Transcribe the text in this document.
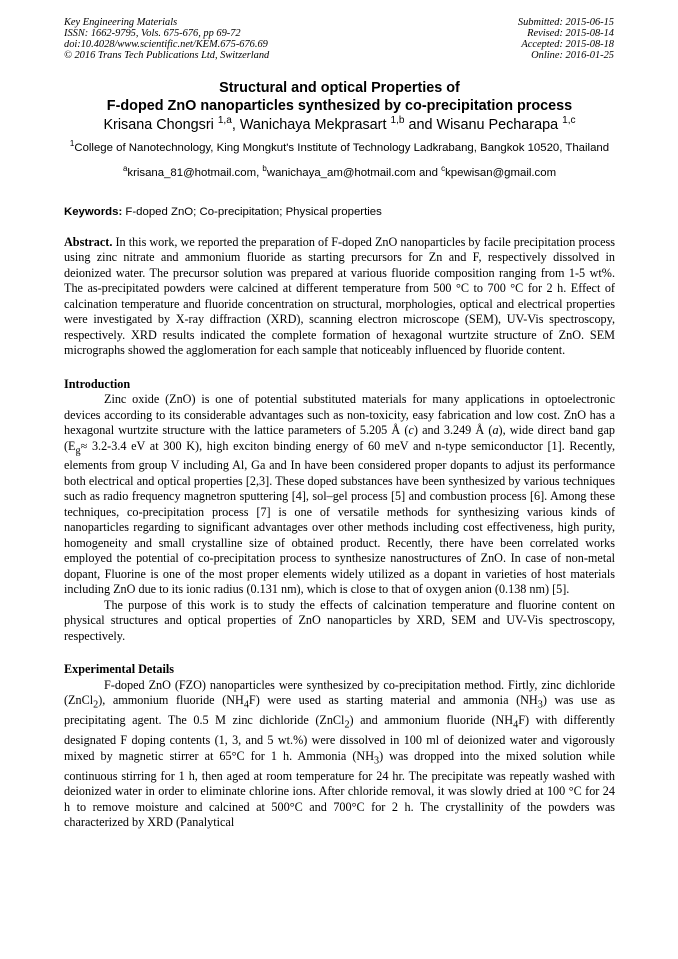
Key Engineering Materials
ISSN: 1662-9795, Vols. 675-676, pp 69-72
doi:10.4028/www.scientific.net/KEM.675-676.69
© 2016 Trans Tech Publications Ltd, Switzerland
Submitted: 2015-06-15
Revised: 2015-08-14
Accepted: 2015-08-18
Online: 2016-01-25
Structural and optical Properties of
F-doped ZnO nanoparticles synthesized by co-precipitation process
Krisana Chongsri $^{1,a}$, Wanichaya Mekprasart $^{1,b}$ and Wisanu Pecharapa $^{1,c}$
$^1$College of Nanotechnology, King Mongkut's Institute of Technology Ladkrabang, Bangkok 10520, Thailand
$^a$krisana_81@hotmail.com, $^b$wanichaya_am@hotmail.com and $^c$kpewisan@gmail.com
Keywords: F-doped ZnO; Co-precipitation; Physical properties
Abstract. In this work, we reported the preparation of F-doped ZnO nanoparticles by facile precipitation process using zinc nitrate and ammonium fluoride as starting precursors for Zn and F, respectively dissolved in deionized water. The precursor solution was prepared at various fluoride composition ranging from 1-5 wt%. The as-precipitated powders were calcined at different temperature from 500 °C to 700 °C for 2 h. Effect of calcination temperature and fluoride concentration on structural, morphologies, optical and electrical properties were investigated by X-ray diffraction (XRD), scanning electron microscope (SEM), UV-Vis spectroscopy, respectively. XRD results indicated the complete formation of hexagonal wurtzite structure of ZnO. SEM micrographs showed the agglomeration for each sample that noticeably influenced by fluoride content.
Introduction

Zinc oxide (ZnO) is one of potential substituted materials for many applications in optoelectronic devices according to its considerable advantages such as non-toxicity, easy fabrication and low cost. ZnO has a hexagonal wurtzite structure with the lattice parameters of 5.205 Å (c) and 3.249 Å (a), wide direct band gap ($E_g\approx 3.2-3.4$ eV at 300 K), high exciton binding energy of 60 meV and n-type semiconductor [1]. Recently, elements from group V including Al, Ga and In have been considered proper dopants to adjust its performance both electrical and optical properties [2,3]. These doped substances have been synthesized by various techniques such as radio frequency magnetron sputtering [4], sol–gel process [5] and combustion process [6]. Among these techniques, co-precipitation process [7] is one of versatile methods for synthesizing various kinds of nanoparticles regarding to significant advantages over other methods including cost effectiveness, high purity, homogeneity and small crystalline size of obtained product. Recently, there have been correlated works employed the potential of co-precipitation process to synthesize nanostructures of ZnO. In case of non-metal dopant, Fluorine is one of the most proper elements widely utilized as a dopant in varieties of host materials including ZnO due to its ionic radius (0.131 nm), which is close to that of oxygen anion (0.138 nm) [5].

The purpose of this work is to study the effects of calcination temperature and fluorine content on physical structures and optical properties of ZnO nanoparticles by XRD, SEM and UV-Vis spectroscopy, respectively.

Experimental Details

F-doped ZnO (FZO) nanoparticles were synthesized by co-precipitation method. Firtly, zinc dichloride (ZnCl$_2$), ammonium fluoride $(NH_4F)$ were used as starting material and ammonia $(NH_3)$ was use as precipitating agent. The 0.5 M zinc dichloride (ZnCl$_2$) and ammonium fluoride $(NH_4F)$ with differently designated F doping contents (1, 3, and 5 wt.%) were dissolved in 100 ml of deionized water and vigorously mixed by magnetic stirrer at 65°C for 1 h. Ammonia $(NH_3)$ was dropped into the mixed solution while continuous stirring for 1 h, then aged at room temperature for 24 hr. The precipitate was repeatly washed with deionized water in order to eliminate chlorine ions. After chloride removal, it was slowly dried at 100 °C for 24 h to remove moisture and calcined at 500°C and 700°C for 2 h. The crystallinity of the powders was characterized by XRD (Panalytical
